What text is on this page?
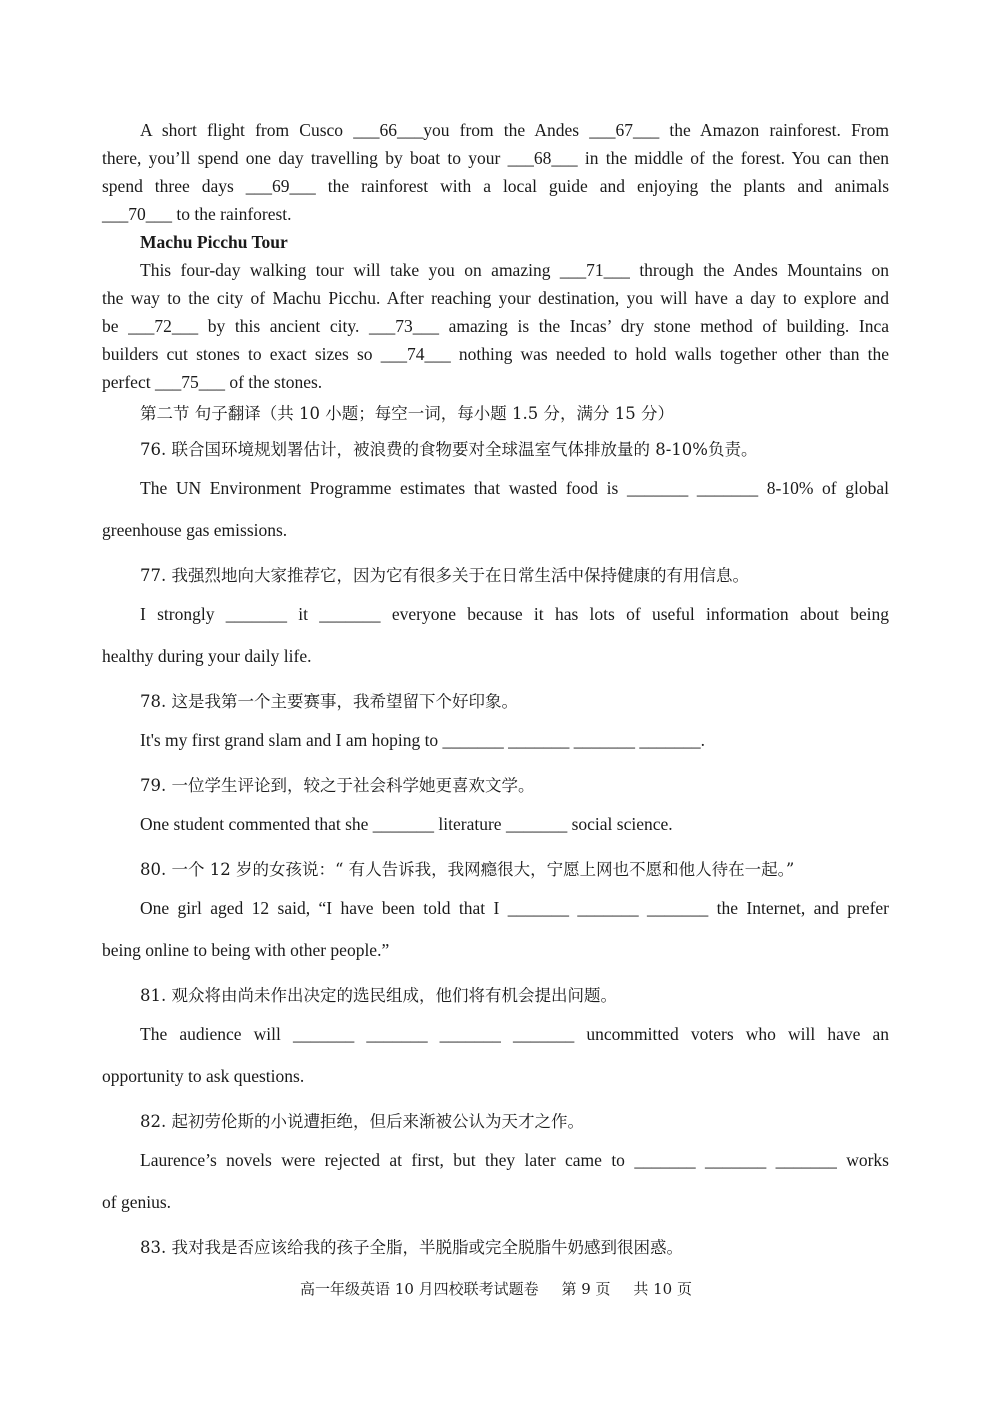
A short flight from Cusco ___66___you from the Andes ___67___ the Amazon rainforest. From
there, you’ll spend one day travelling by boat to your ___68___ in the middle of the forest. You can then
spend three days ___69___ the rainforest with a local guide and enjoying the plants and animals
___70___ to the rainforest.
Machu Picchu Tour
This four-day walking tour will take you on amazing ___71___ through the Andes Mountains on
the way to the city of Machu Picchu. After reaching your destination, you will have a day to explore and
be ___72___ by this ancient city. ___73___ amazing is the Incas’ dry stone method of building. Inca
builders cut stones to exact sizes so ___74___ nothing was needed to hold walls together other than the
perfect ___75___ of the stones.
第二节 句子翻译（共 10 小题；每空一词，每小题 1.5 分，满分 15 分）
76. 联合国环境规划署估计，被浪费的食物要对全球温室气体排放量的 8-10%负责。
The UN Environment Programme estimates that wasted food is _______ _______ 8-10% of global
greenhouse gas emissions.
77. 我强烈地向大家推荐它，因为它有很多关于在日常生活中保持健康的有用信息。
I strongly _______ it _______ everyone because it has lots of useful information about being
healthy during your daily life.
78. 这是我第一个主要赛事，我希望留下个好印象。
It's my first grand slam and I am hoping to _______ _______ _______ _______.
79. 一位学生评论到，较之于社会科学她更喜欢文学。
One student commented that she _______ literature _______ social science.
80. 一个 12 岁的女孩说：“ 有人告诉我，我网瘾很大，宁愿上网也不愿和他人待在一起。”
One girl aged 12 said, “I have been told that I _______ _______ _______ the Internet, and prefer
being online to being with other people.”
81. 观众将由尚未作出决定的选民组成，他们将有机会提出问题。
The audience will _______ _______ _______ _______ uncommitted voters who will have an
opportunity to ask questions.
82. 起初劳伦斯的小说遭拒绝，但后来渐被公认为天才之作。
Laurence’s novels were rejected at first, but they later came to _______ _______ _______ works
of genius.
83. 我对我是否应该给我的孩子全脂，半脱脂或完全脱脂牛奶感到很困惑。
高一年级英语 10 月四校联考试题卷 第 9 页 共 10 页
